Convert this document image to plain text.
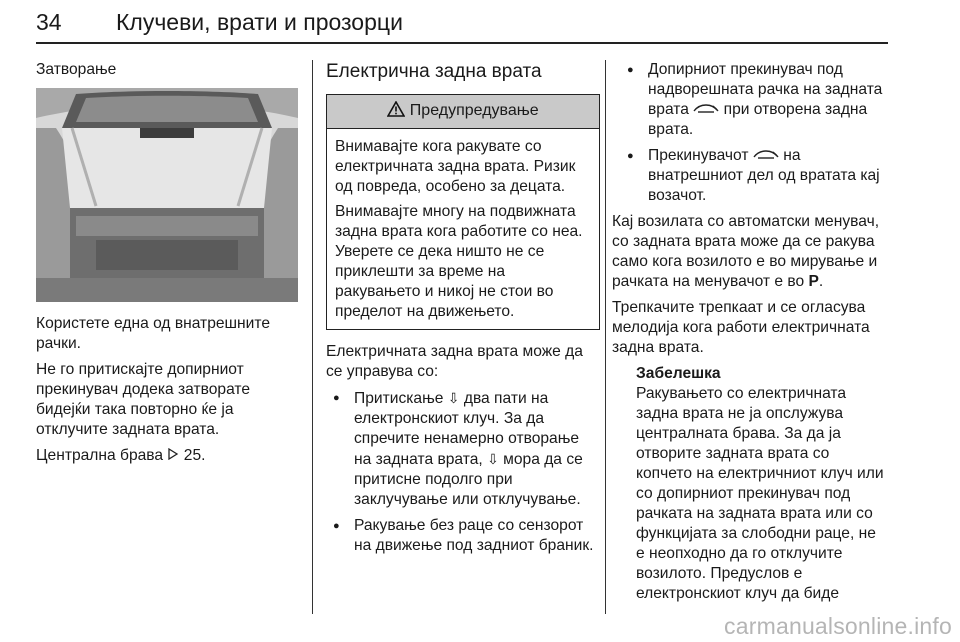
34 Клучеви, врати и прозорци
Затворање

Користете една од внатрешните рачки.

Не го притискајте допирниот прекинувач додека затворате бидејќи така повторно ќе ја отклучите задната врата.

Централна брава 25.

Електрична задна врата
Предупредување

Внимавајте кога ракувате со електричната задна врата. Ризик од повреда, особено за децата.

Внимавајте многу на подвижната задна врата кога работите со неа. Уверете се дека ништо не се приклешти за време на ракувањето и никој не стои во пределот на движењето.

Електричната задна врата може да се управува со:

● Притискање ⇩ два пати на електронскиот клуч. За да спречите ненамерно отворање на задната врата, ⇩ мора да се притисне подолго при заклучување или отклучување.
● Ракување без раце со сензорот на движење под задниот браник.
● Допирниот прекинувач под надворешната рачка на задната врата при отворена задна врата.
● Прекинувачот на внатрешниот дел од вратата кај возачот.

Кај возилата со автоматски менувач, со задната врата може да се ракува само кога возилото е во мирување и рачката на менувачот е во P.

Трепкачите трепкаат и се огласува мелодија кога работи електричната задна врата.

Забелешка
Ракувањето со електричната задна врата не ја опслужува централната брава. За да ја отворите задната врата со копчето на електричниот клуч или со допирниот прекинувач под рачката на задната врата или со функцијата за слободни раце, не е неопходно да го отклучите возилото. Предуслов е електронскиот клуч да биде
carmanualsonline.info
